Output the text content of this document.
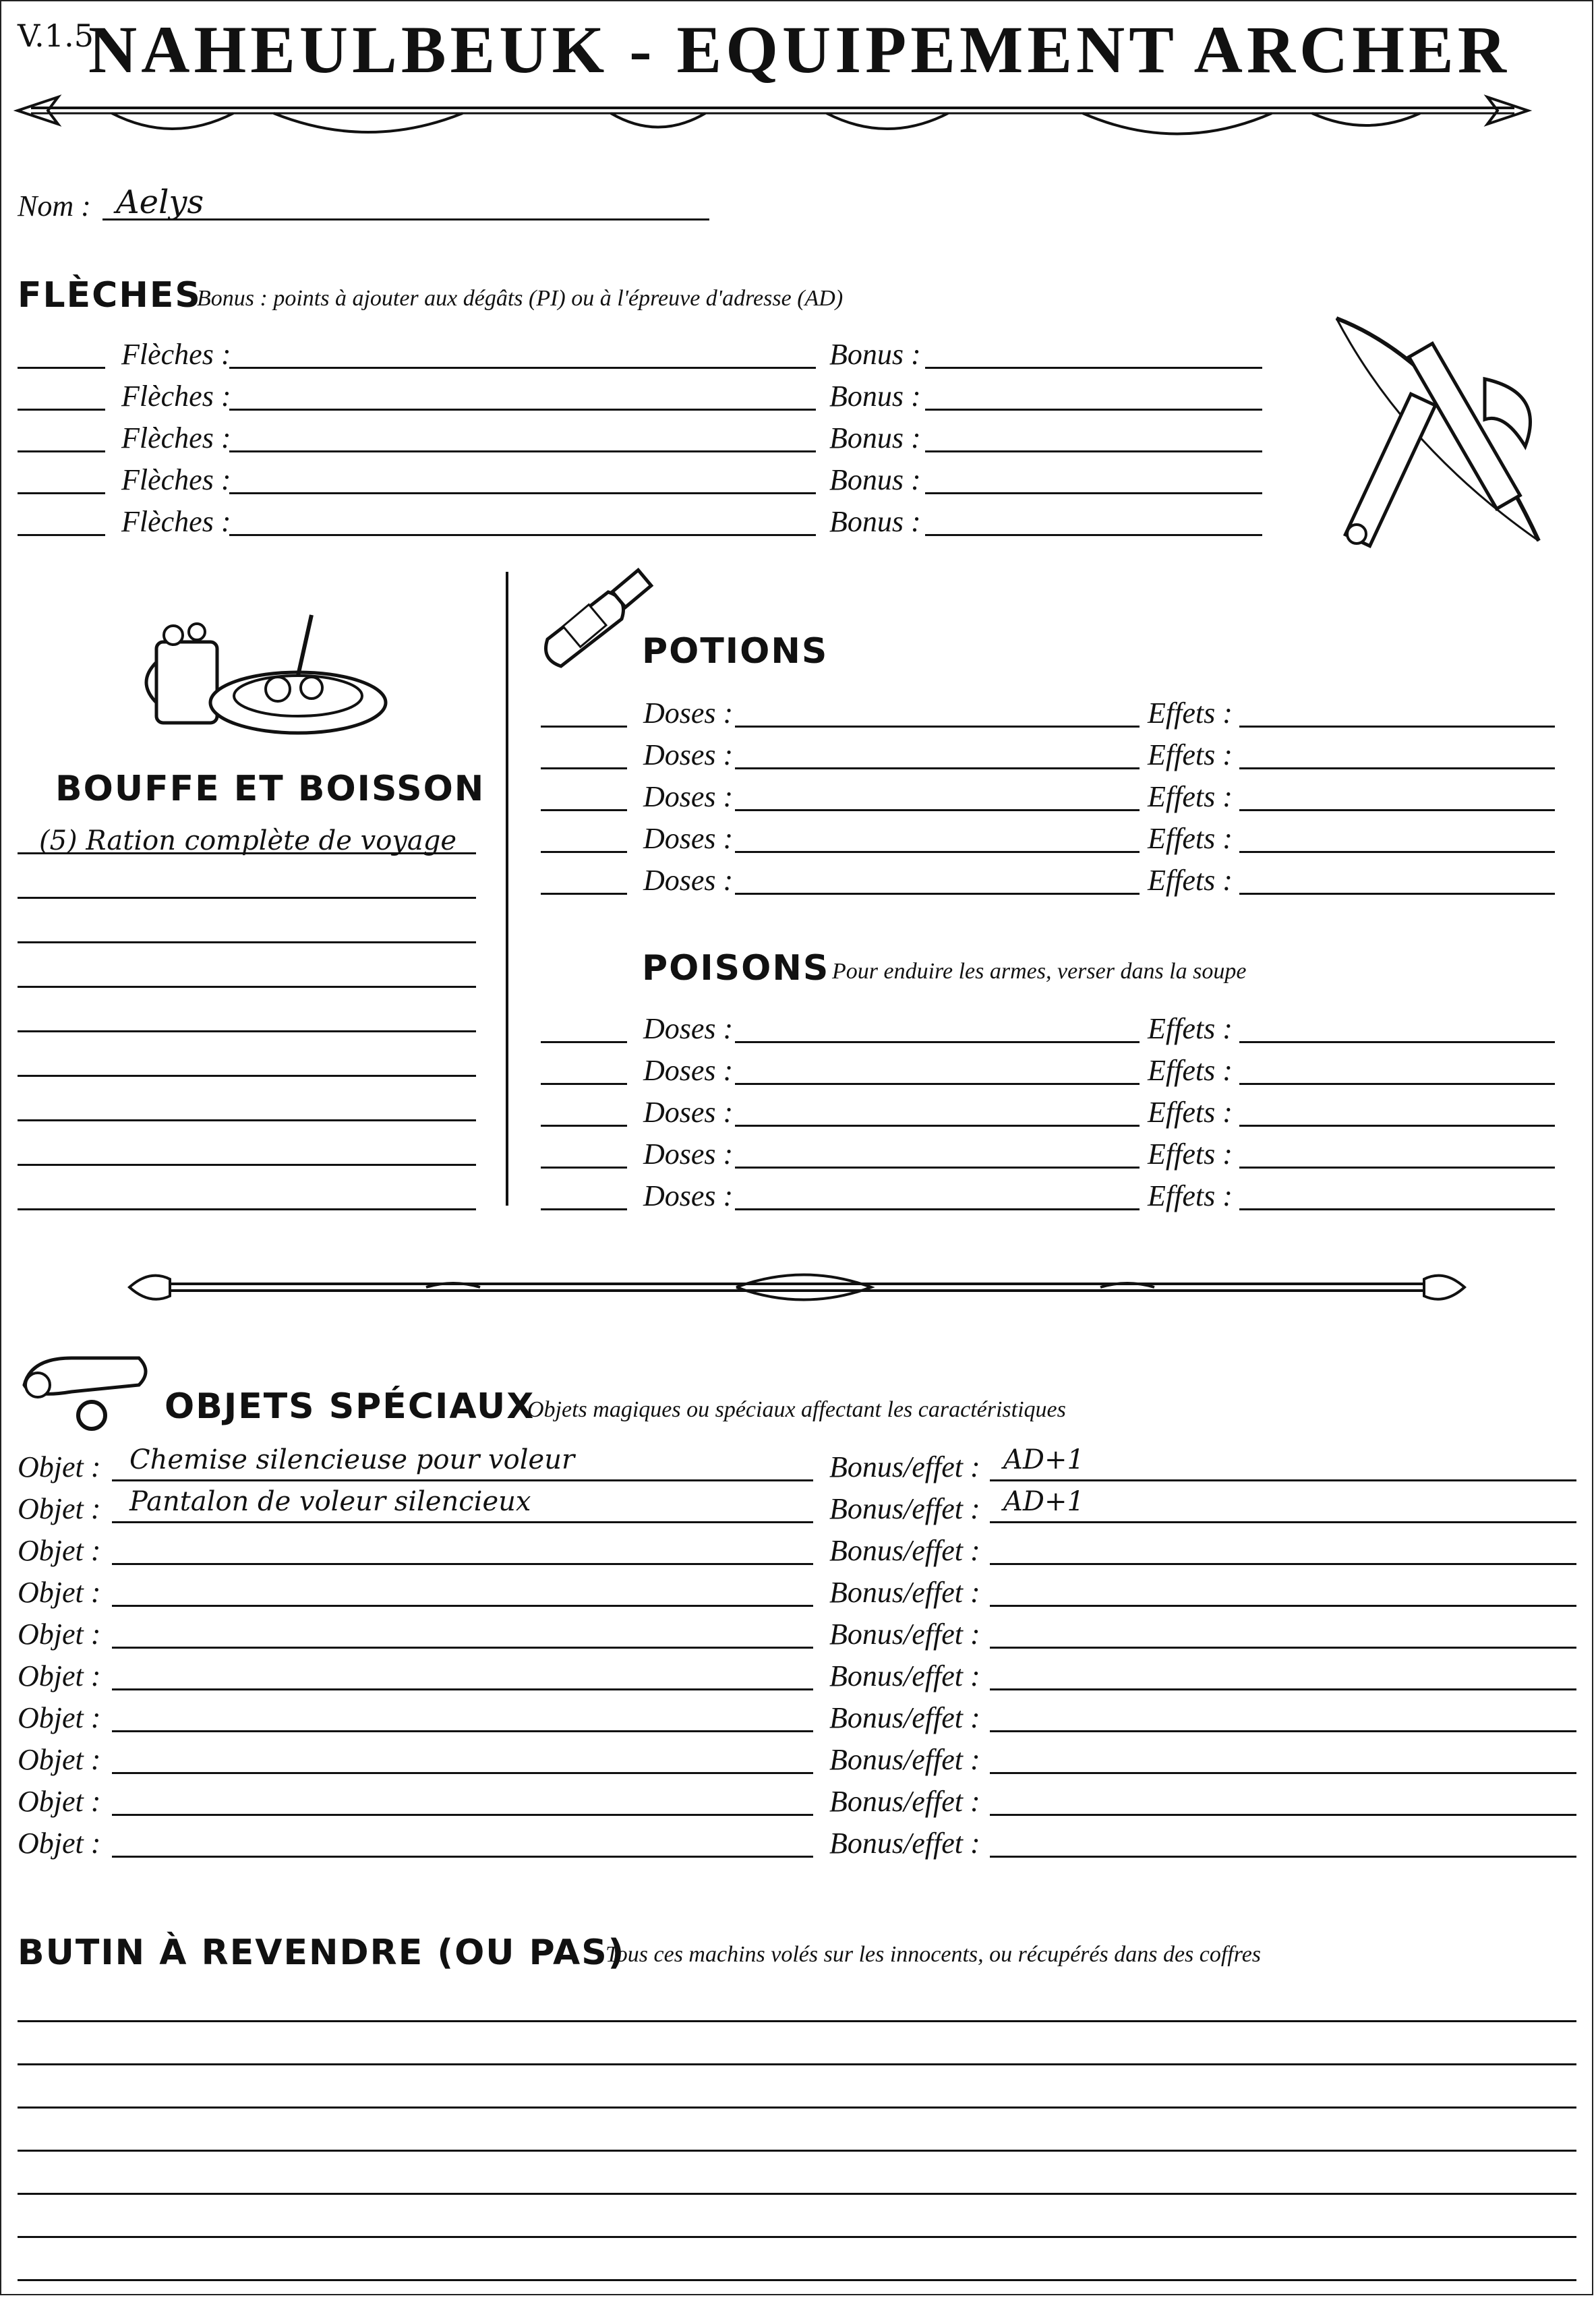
V.1.5
NAHEULBEUK - EQUIPEMENT ARCHER
Nom : Aelys
FLÈCHES
Bonus : points à ajouter aux dégâts (PI) ou à l'épreuve d'adresse (AD)
Flèches :	Bonus :
Flèches :	Bonus :
Flèches :	Bonus :
Flèches :	Bonus :
Flèches :	Bonus :
BOUFFE ET BOISSON
(5) Ration complète de voyage
POTIONS
Doses :	Effets :
Doses :	Effets :
Doses :	Effets :
Doses :	Effets :
Doses :	Effets :
POISONS Pour enduire les armes, verser dans la soupe
Doses :	Effets :
Doses :	Effets :
Doses :	Effets :
Doses :	Effets :
Doses :	Effets :
OBJETS SPÉCIAUX
Objets magiques ou spéciaux affectant les caractéristiques
Objet : Chemise silencieuse pour voleur	Bonus/effet : AD+1
Objet : Pantalon de voleur silencieux	Bonus/effet : AD+1
Objet :	Bonus/effet :
Objet :	Bonus/effet :
Objet :	Bonus/effet :
Objet :	Bonus/effet :
Objet :	Bonus/effet :
Objet :	Bonus/effet :
Objet :	Bonus/effet :
Objet :	Bonus/effet :
BUTIN À REVENDRE (OU PAS)
Tous ces machins volés sur les innocents, ou récupérés dans des coffres
